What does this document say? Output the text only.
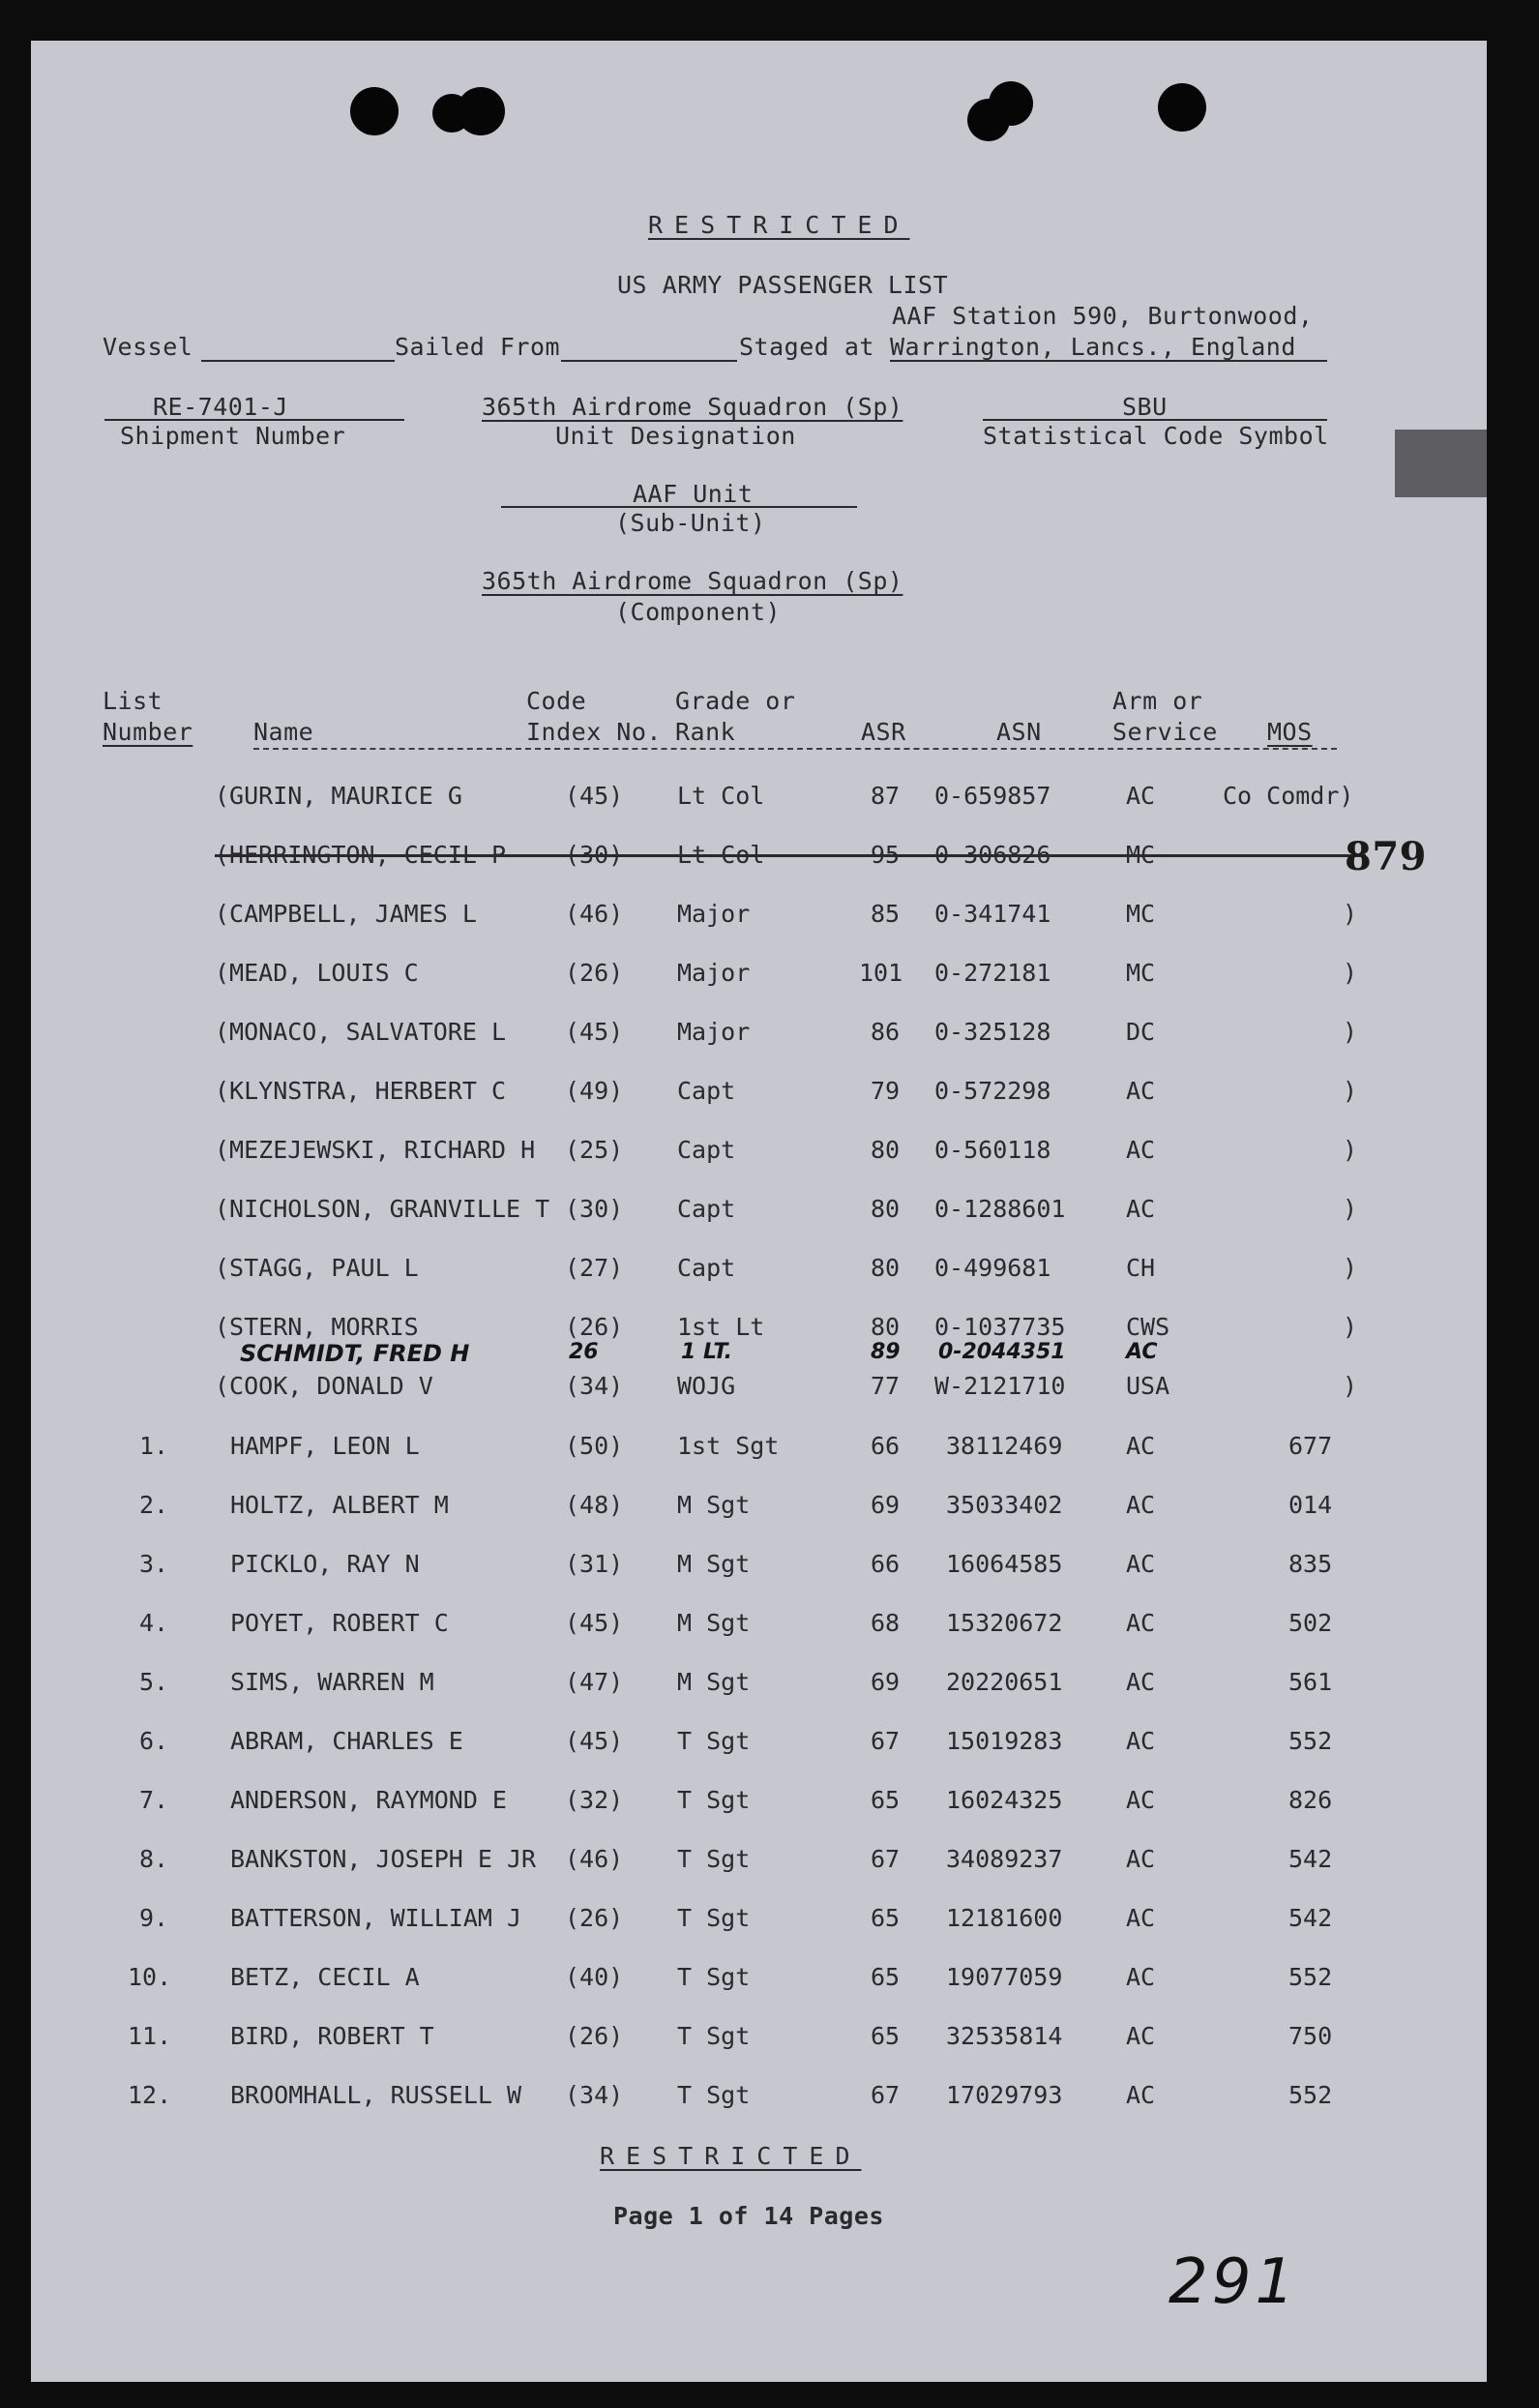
RESTRICTED
US ARMY PASSENGER LIST
AAF Station 590, Burtonwood,
Vessel	Sailed From	Staged at Warrington, Lancs., England
RE-7401-J
Shipment Number
365th Airdrome Squadron (Sp)
Unit Designation
SBU
Statistical Code Symbol
AAF Unit
(Sub-Unit)
365th Airdrome Squadron (Sp)
(Component)
List
Number	Name
Code
Index No.
Grade or
Rank	ASR	ASN
Arm or
Service MOS
(GURIN, MAURICE G	(45) Lt Col	87 0-659857	AC	Co Comdr)
(HERRINGTON, CECIL P (30) Lt Col	95 0-306826	MC
(CAMPBELL, JAMES L	(46) Major	85 0-341741	MC	)
(MEAD, LOUIS C	(26) Major	101 0-272181	MC	)
(MONACO, SALVATORE L (45) Major	86 0-325128	DC	)
(KLYNSTRA, HERBERT C (49) Capt	79 0-572298	AC	)
(MEZEJEWSKI, RICHARD H (25) Capt	80 0-560118	AC	)
(NICHOLSON, GRANVILLE T (30) Capt	80 0-1288601	AC	)
(STAGG, PAUL L	(27) Capt	80 0-499681	CH	)
(STERN, MORRIS	(26) 1st Lt	80 0-1037735	CWS	)
SCHMIDT, FRED H	26	1 LT.	89 0-2044351	AC
(COOK, DONALD V	(34) WOJG	77 W-2121710	USA	)
879
1.	HAMPF, LEON L	(50) 1st Sgt	66 38112469	AC	677
2.	HOLTZ, ALBERT M	(48) M Sgt	69 35033402	AC	014
3.	PICKLO, RAY N	(31) M Sgt	66 16064585	AC	835
4.	POYET, ROBERT C	(45) M Sgt	68 15320672	AC	502
5.	SIMS, WARREN M	(47) M Sgt	69 20220651	AC	561
6.	ABRAM, CHARLES E	(45) T Sgt	67 15019283	AC	552
7.	ANDERSON, RAYMOND E (32) T Sgt	65 16024325	AC	826
8.	BANKSTON, JOSEPH E JR (46) T Sgt	67 34089237	AC	542
9.	BATTERSON, WILLIAM J (26) T Sgt	65 12181600	AC	542
10. BETZ, CECIL A	(40) T Sgt	65 19077059	AC	552
11. BIRD, ROBERT T	(26) T Sgt	65 32535814	AC	750
12. BROOMHALL, RUSSELL W (34) T Sgt	67 17029793	AC	552
RESTRICTED
Page 1 of 14 Pages
291
